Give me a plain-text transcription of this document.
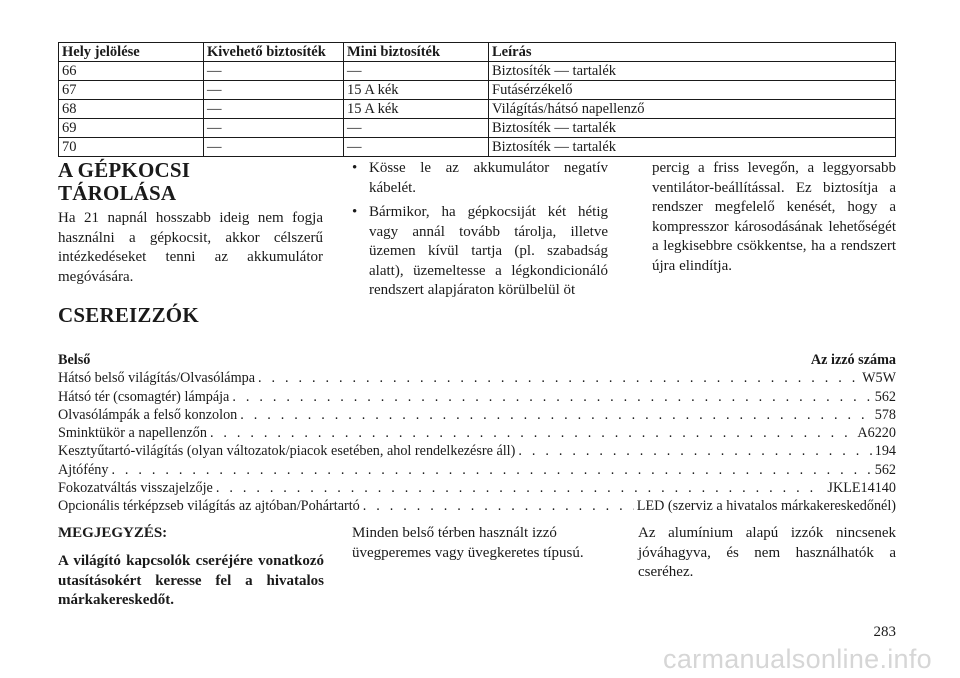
Hely jelölése	Kivehető biztosíték	Mini biztosíték	Leírás
66	—	—	Biztosíték — tartalék
67	—	15 A kék	Futásérzékelő
68	—	15 A kék	Világítás/hátsó napellenző
69	—	—	Biztosíték — tartalék
70	—	—	Biztosíték — tartalék
A GÉPKOCSI
TÁROLÁSA
Ha 21 napnál hosszabb ideig nem fogja használni a gépkocsit, akkor célszerű intézkedéseket tenni az akkumulátor megóvására.
• Kösse le az akkumulátor negatív kábelét.
• Bármikor, ha gépkocsiját két hétig vagy annál tovább tárolja, illetve üzemen kívül tartja (pl. szabadság alatt), üzemeltesse a légkondicionáló rendszert alapjáraton körülbelül öt
percig a friss levegőn, a leggyorsabb ventilátor-beállítással. Ez biztosítja a rendszer megfelelő kenését, hogy a kompresszor károsodásának lehetőségét a legkisebbre csökkentse, ha a rendszert újra elindítja.
CSEREIZZÓK
Belső	Az izzó száma
Hátsó belső világítás/Olvasólámpa . . .	W5W
Hátsó tér (csomagtér) lámpája . . .	562
Olvasólámpák a felső konzolon . . .	578
Sminktükör a napellenzőn . . .	A6220
Kesztyűtartó-világítás (olyan változatok/piacok esetében, ahol rendelkezésre áll) . . .	194
Ajtófény . . .	562
Fokozatváltás visszajelzője . . .	JKLE14140
Opcionális térképzseb világítás az ajtóban/Pohártartó . . .	LED (szerviz a hivatalos márkakereskedőnél)
MEGJEGYZÉS:
A világító kapcsolók cseréjére vonatkozó utasításokért keresse fel a hivatalos márkakereskedőt.
Minden belső térben használt izzó üvegperemes vagy üvegkeretes típusú.
Az alumínium alapú izzók nincsenek jóváhagyva, és nem használhatók a cseréhez.
283
carmanualsonline.info
